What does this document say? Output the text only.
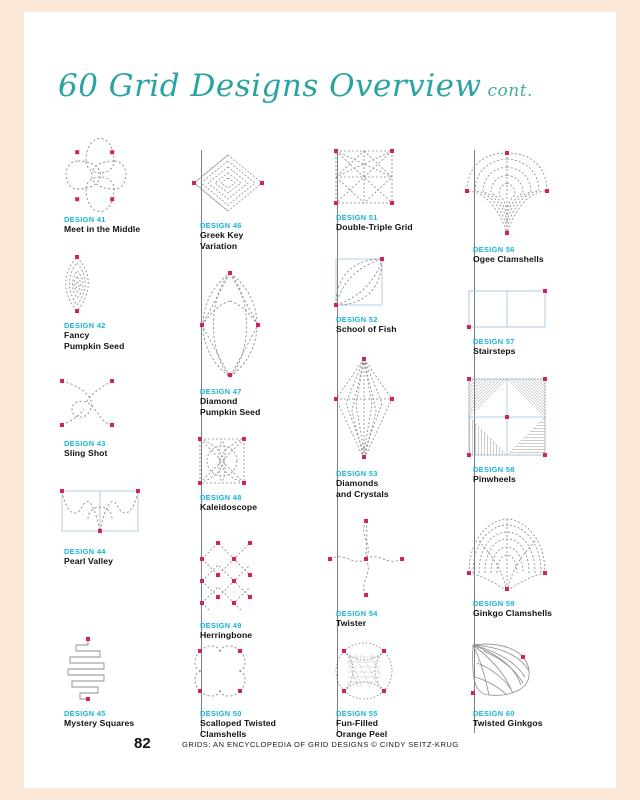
60 Grid Designs Overview cont.
DESIGN 41
Meet in the Middle
DESIGN 42
Fancy
Pumpkin Seed
DESIGN 43
Sling Shot
DESIGN 44
Pearl Valley
DESIGN 45
Mystery Squares
DESIGN 46
Greek Key
Variation
DESIGN 47
Diamond
Pumpkin Seed
DESIGN 48
Kaleidoscope
DESIGN 49
Herringbone
DESIGN 50
Scalloped Twisted
Clamshells
DESIGN 51
Double-Triple Grid
DESIGN 52
School of Fish
DESIGN 53
Diamonds
and Crystals
DESIGN 54
Twister
DESIGN 55
Fun-Filled
Orange Peel
DESIGN 56
Ogee Clamshells
DESIGN 57
Stairsteps
DESIGN 58
Pinwheels
DESIGN 59
Ginkgo Clamshells
DESIGN 60
Twisted Ginkgos
82	GRIDS: AN ENCYCLOPEDIA OF GRID DESIGNS © CINDY SEITZ-KRUG
